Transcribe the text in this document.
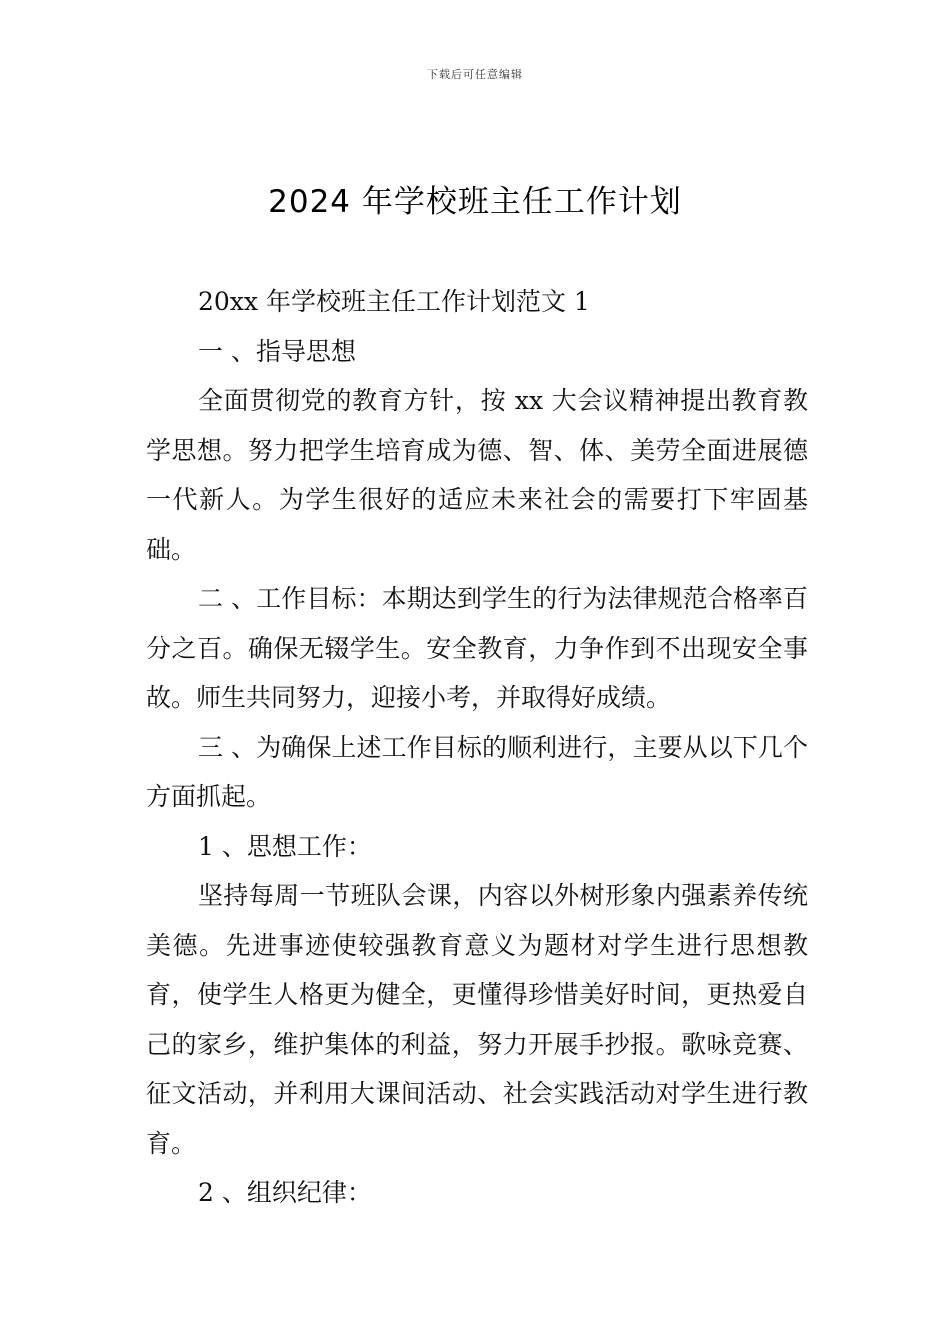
下载后可任意编辑
2024 年学校班主任工作计划

20xx 年学校班主任工作计划范文 1

一 、指导思想

全面贯彻党的教育方针，按 xx 大会议精神提出教育教学思想。努力把学生培育成为德、智、体、美劳全面进展德一代新人。为学生很好的适应未来社会的需要打下牢固基础。

二 、工作目标：本期达到学生的行为法律规范合格率百分之百。确保无辍学生。安全教育，力争作到不出现安全事故。师生共同努力，迎接小考，并取得好成绩。

三 、为确保上述工作目标的顺利进行，主要从以下几个方面抓起。

1 、思想工作：

坚持每周一节班队会课，内容以外树形象内强素养传统美德。先进事迹使较强教育意义为题材对学生进行思想教育，使学生人格更为健全，更懂得珍惜美好时间，更热爱自己的家乡，维护集体的利益，努力开展手抄报。歌咏竞赛、征文活动，并利用大课间活动、社会实践活动对学生进行教育。

2 、组织纪律：
